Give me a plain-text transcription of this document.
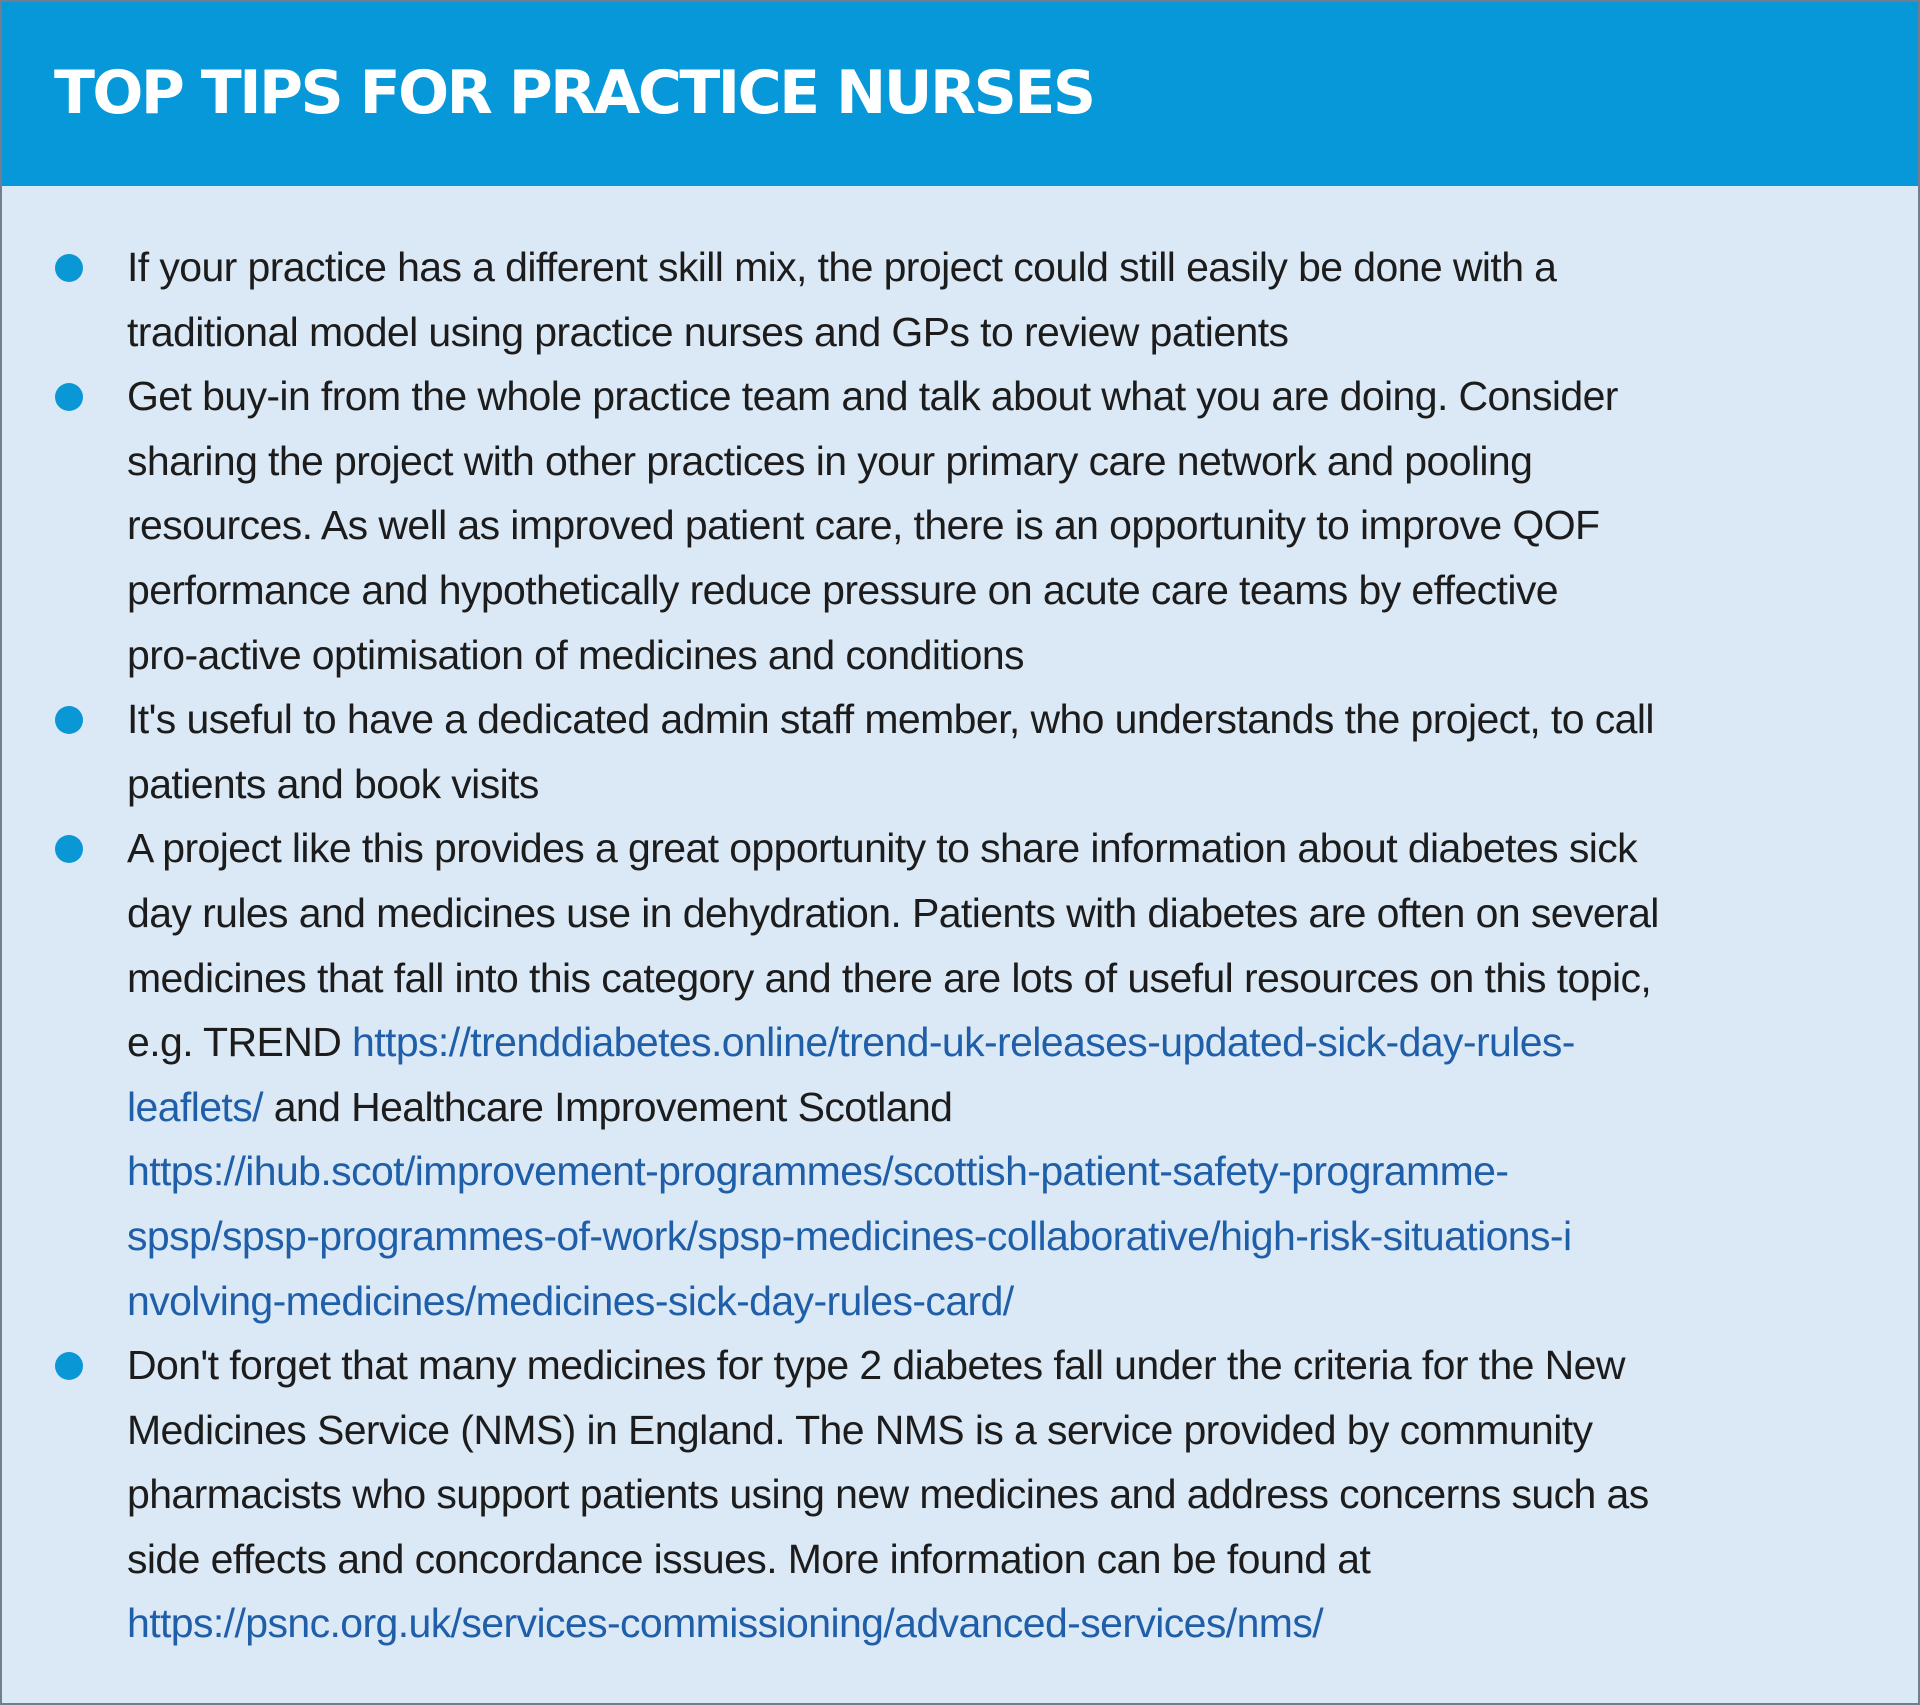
TOP TIPS FOR PRACTICE NURSES
If your practice has a different skill mix, the project could still easily be done with a
traditional model using practice nurses and GPs to review patients
Get buy-in from the whole practice team and talk about what you are doing. Consider
sharing the project with other practices in your primary care network and pooling
resources. As well as improved patient care, there is an opportunity to improve QOF
performance and hypothetically reduce pressure on acute care teams by effective
pro-active optimisation of medicines and conditions
It's useful to have a dedicated admin staff member, who understands the project, to call
patients and book visits
A project like this provides a great opportunity to share information about diabetes sick
day rules and medicines use in dehydration. Patients with diabetes are often on several
medicines that fall into this category and there are lots of useful resources on this topic,
e.g. TREND https://trenddiabetes.online/trend-uk-releases-updated-sick-day-rules-
leaflets/ and Healthcare Improvement Scotland
https://ihub.scot/improvement-programmes/scottish-patient-safety-programme-
spsp/spsp-programmes-of-work/spsp-medicines-collaborative/high-risk-situations-i
nvolving-medicines/medicines-sick-day-rules-card/
Don't forget that many medicines for type 2 diabetes fall under the criteria for the New
Medicines Service (NMS) in England. The NMS is a service provided by community
pharmacists who support patients using new medicines and address concerns such as
side effects and concordance issues. More information can be found at
https://psnc.org.uk/services-commissioning/advanced-services/nms/
